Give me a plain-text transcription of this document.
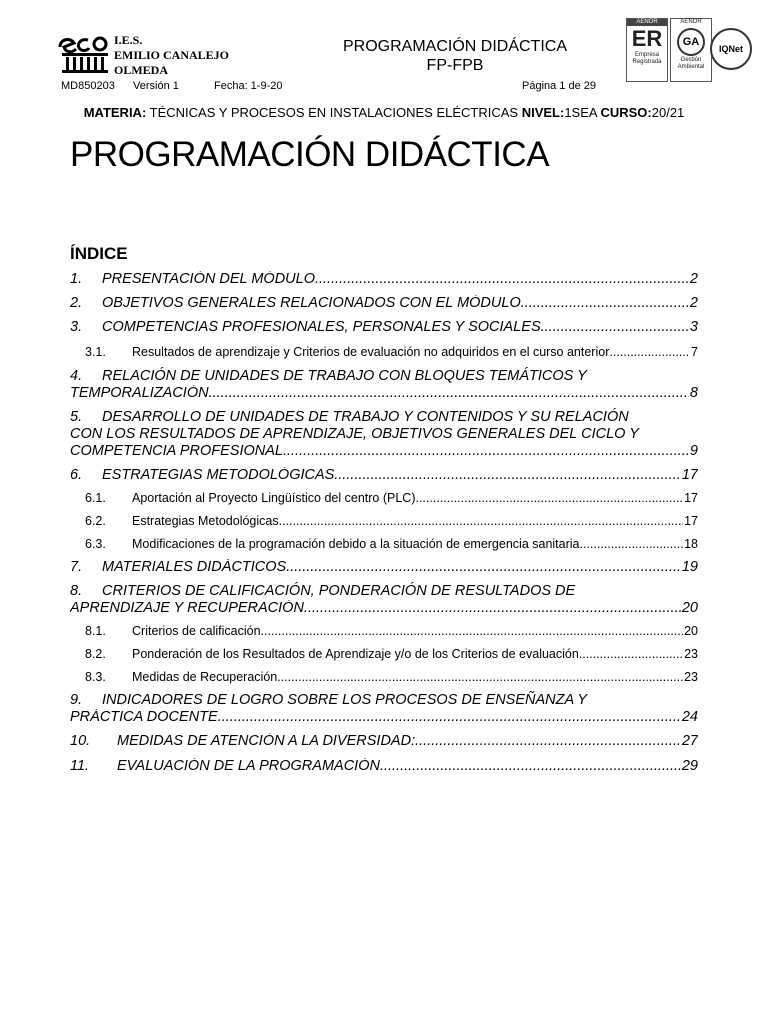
I.E.S.
EMILIO CANALEJO
OLMEDA
PROGRAMACIÓN DIDÁCTICA
FP-FPB
MD850203 Versión 1	Fecha: 1-9-20	Página 1 de 29
AENOR
ER
Empresa
Registrada
AENOR
GA
Gestión
Ambiental
IQNet
MATERIA: TÉCNICAS Y PROCESOS EN INSTALACIONES ELÉCTRICAS NIVEL:1SEA CURSO:20/21
PROGRAMACIÓN DIDÁCTICA
ÍNDICE
1.	PRESENTACIÓN DEL MÓDULO .....	2
2.	OBJETIVOS GENERALES RELACIONADOS CON EL MÓDULO .....	2
3.	COMPETENCIAS PROFESIONALES, PERSONALES Y SOCIALES .....	3
3.1.	Resultados de aprendizaje y Criterios de evaluación no adquiridos en el curso anterior .....	7
4. RELACIÓN DE UNIDADES DE TRABAJO CON BLOQUES TEMÁTICOS Y
TEMPORALIZACIÓN .....	8
5. DESARROLLO DE UNIDADES DE TRABAJO Y CONTENIDOS Y SU RELACIÓN
CON LOS RESULTADOS DE APRENDIZAJE, OBJETIVOS GENERALES DEL CICLO Y
COMPETENCIA PROFESIONAL. .....	9
6.	ESTRATEGIAS METODOLÓGICAS .....	17
6.1.	Aportación al Proyecto Lingüístico del centro (PLC) .....	17
6.2.	Estrategias Metodológicas .....	17
6.3.	Modificaciones de la programación debido a la situación de emergencia sanitaria. .....	18
7.	MATERIALES DIDÁCTICOS. .....	19
8. CRITERIOS DE CALIFICACIÓN, PONDERACIÓN DE RESULTADOS DE
APRENDIZAJE Y RECUPERACIÓN. .....	20
8.1.	Criterios de calificación .....	20
8.2.	Ponderación de los Resultados de Aprendizaje y/o de los Criterios de evaluación .....	23
8.3.	Medidas de Recuperación .....	23
9. INDICADORES DE LOGRO SOBRE LOS PROCESOS DE ENSEÑANZA Y
PRÁCTICA DOCENTE. .....	24
10.	MEDIDAS DE ATENCIÓN A LA DIVERSIDAD: .....	27
11.	EVALUACIÓN DE LA PROGRAMACIÓN. .....	29
